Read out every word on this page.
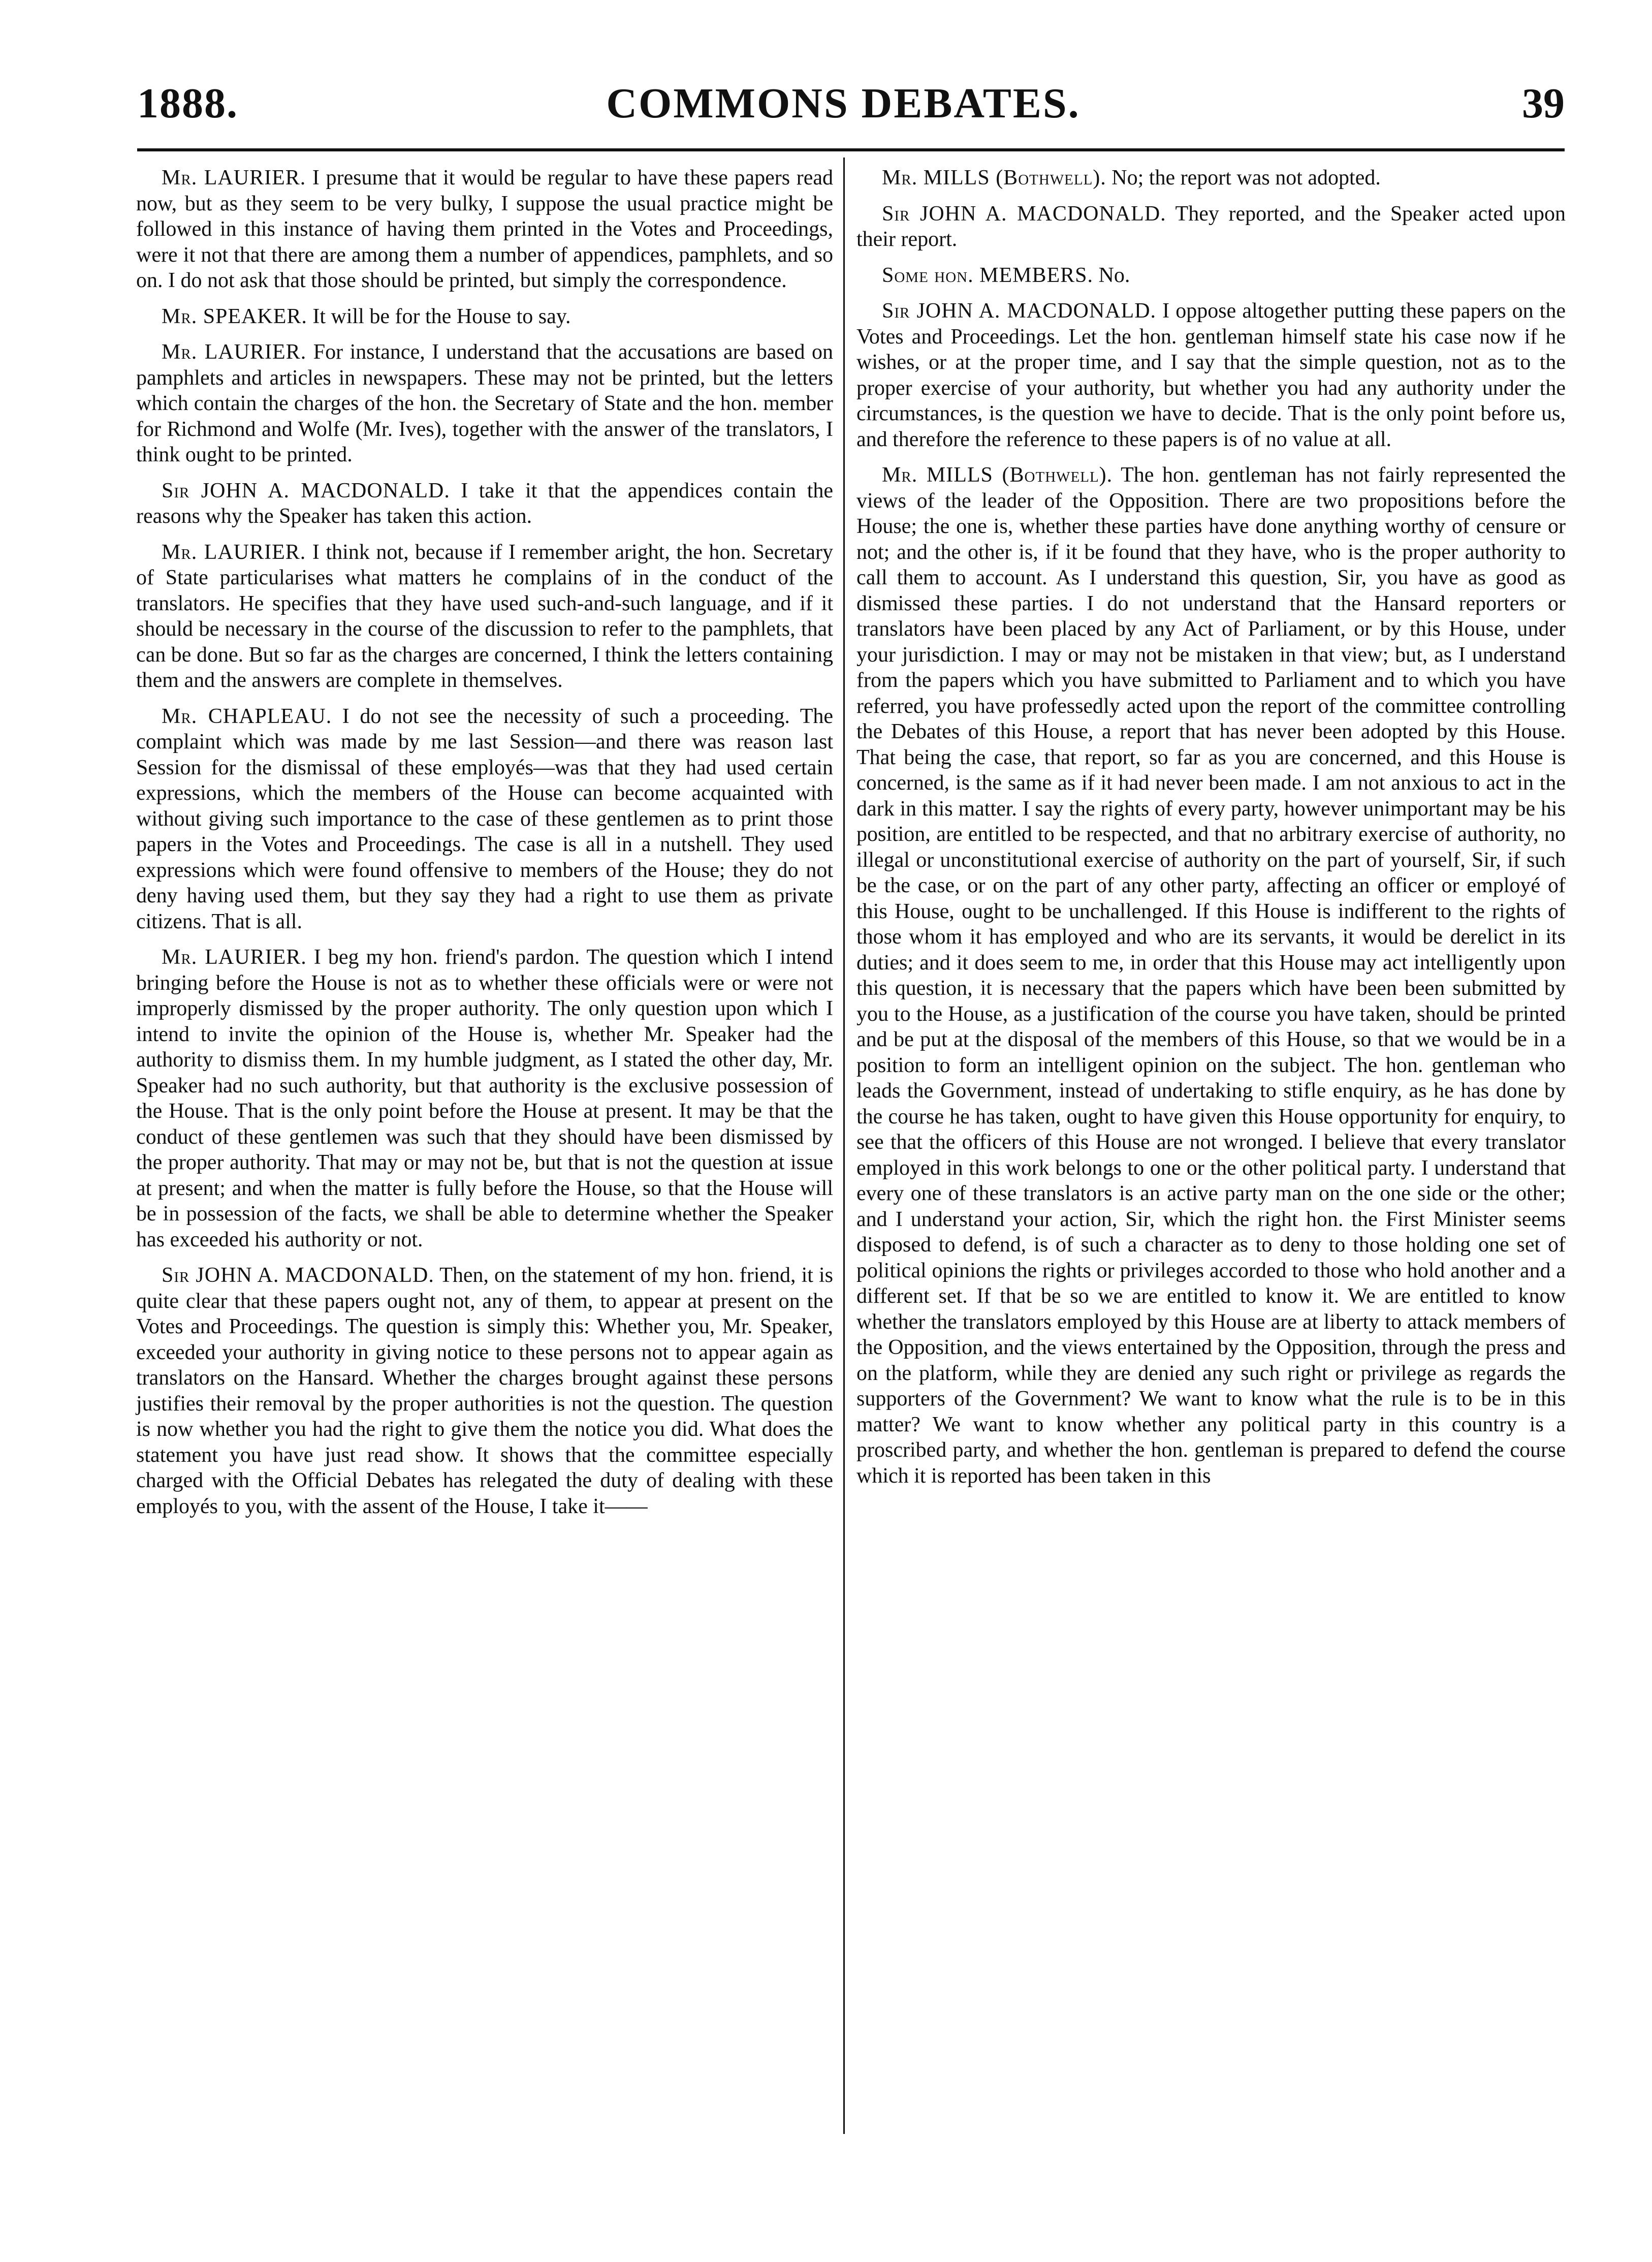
1888.	COMMONS DEBATES.	39

Mr. LAURIER. I presume that it would be regular to have these papers read now, but as they seem to be very bulky, I suppose the usual practice might be followed in this instance of having them printed in the Votes and Proceedings, were it not that there are among them a number of appendices, pamphlets, and so on. I do not ask that those should be printed, but simply the correspondence.

Mr. SPEAKER. It will be for the House to say.

Mr. LAURIER. For instance, I understand that the accusations are based on pamphlets and articles in newspapers. These may not be printed, but the letters which contain the charges of the hon. the Secretary of State and the hon. member for Richmond and Wolfe (Mr. Ives), together with the answer of the translators, I think ought to be printed.

Sir JOHN A. MACDONALD. I take it that the appendices contain the reasons why the Speaker has taken this action.

Mr. LAURIER. I think not, because if I remember aright, the hon. Secretary of State particularises what matters he complains of in the conduct of the translators. He specifies that they have used such-and-such language, and if it should be necessary in the course of the discussion to refer to the pamphlets, that can be done. But so far as the charges are concerned, I think the letters containing them and the answers are complete in themselves.

Mr. CHAPLEAU. I do not see the necessity of such a proceeding. The complaint which was made by me last Session—and there was reason last Session for the dismissal of these employés—was that they had used certain expressions, which the members of the House can become acquainted with without giving such importance to the case of these gentlemen as to print those papers in the Votes and Proceedings. The case is all in a nutshell. They used expressions which were found offensive to members of the House; they do not deny having used them, but they say they had a right to use them as private citizens. That is all.

Mr. LAURIER. I beg my hon. friend's pardon. The question which I intend bringing before the House is not as to whether these officials were or were not improperly dismissed by the proper authority. The only question upon which I intend to invite the opinion of the House is, whether Mr. Speaker had the authority to dismiss them. In my humble judgment, as I stated the other day, Mr. Speaker had no such authority, but that authority is the exclusive possession of the House. That is the only point before the House at present. It may be that the conduct of these gentlemen was such that they should have been dismissed by the proper authority. That may or may not be, but that is not the question at issue at present; and when the matter is fully before the House, so that the House will be in possession of the facts, we shall be able to determine whether the Speaker has exceeded his authority or not.

Sir JOHN A. MACDONALD. Then, on the statement of my hon. friend, it is quite clear that these papers ought not, any of them, to appear at present on the Votes and Proceedings. The question is simply this: Whether you, Mr. Speaker, exceeded your authority in giving notice to these persons not to appear again as translators on the Hansard. Whether the charges brought against these persons justifies their removal by the proper authorities is not the question. The question is now whether you had the right to give them the notice you did. What does the statement you have just read show. It shows that the committee especially charged with the Official Debates has relegated the duty of dealing with these employés to you, with the assent of the House, I take it——

Mr. MILLS (Bothwell). No; the report was not adopted.

Sir JOHN A. MACDONALD. They reported, and the Speaker acted upon their report.

Some hon. MEMBERS. No.

Sir JOHN A. MACDONALD. I oppose altogether putting these papers on the Votes and Proceedings. Let the hon. gentleman himself state his case now if he wishes, or at the proper time, and I say that the simple question, not as to the proper exercise of your authority, but whether you had any authority under the circumstances, is the question we have to decide. That is the only point before us, and therefore the reference to these papers is of no value at all.

Mr. MILLS (Bothwell). The hon. gentleman has not fairly represented the views of the leader of the Opposition. There are two propositions before the House; the one is, whether these parties have done anything worthy of censure or not; and the other is, if it be found that they have, who is the proper authority to call them to account. As I understand this question, Sir, you have as good as dismissed these parties. I do not understand that the Hansard reporters or translators have been placed by any Act of Parliament, or by this House, under your jurisdiction. I may or may not be mistaken in that view; but, as I understand from the papers which you have submitted to Parliament and to which you have referred, you have professedly acted upon the report of the committee controlling the Debates of this House, a report that has never been adopted by this House. That being the case, that report, so far as you are concerned, and this House is concerned, is the same as if it had never been made. I am not anxious to act in the dark in this matter. I say the rights of every party, however unimportant may be his position, are entitled to be respected, and that no arbitrary exercise of authority, no illegal or unconstitutional exercise of authority on the part of yourself, Sir, if such be the case, or on the part of any other party, affecting an officer or employé of this House, ought to be unchallenged. If this House is indifferent to the rights of those whom it has employed and who are its servants, it would be derelict in its duties; and it does seem to me, in order that this House may act intelligently upon this question, it is necessary that the papers which have been been submitted by you to the House, as a justification of the course you have taken, should be printed and be put at the disposal of the members of this House, so that we would be in a position to form an intelligent opinion on the subject. The hon. gentleman who leads the Government, instead of undertaking to stifle enquiry, as he has done by the course he has taken, ought to have given this House opportunity for enquiry, to see that the officers of this House are not wronged. I believe that every translator employed in this work belongs to one or the other political party. I understand that every one of these translators is an active party man on the one side or the other; and I understand your action, Sir, which the right hon. the First Minister seems disposed to defend, is of such a character as to deny to those holding one set of political opinions the rights or privileges accorded to those who hold another and a different set. If that be so we are entitled to know it. We are entitled to know whether the translators employed by this House are at liberty to attack members of the Opposition, and the views entertained by the Opposition, through the press and on the platform, while they are denied any such right or privilege as regards the supporters of the Government? We want to know what the rule is to be in this matter? We want to know whether any political party in this country is a proscribed party, and whether the hon. gentleman is prepared to defend the course which it is reported has been taken in this
